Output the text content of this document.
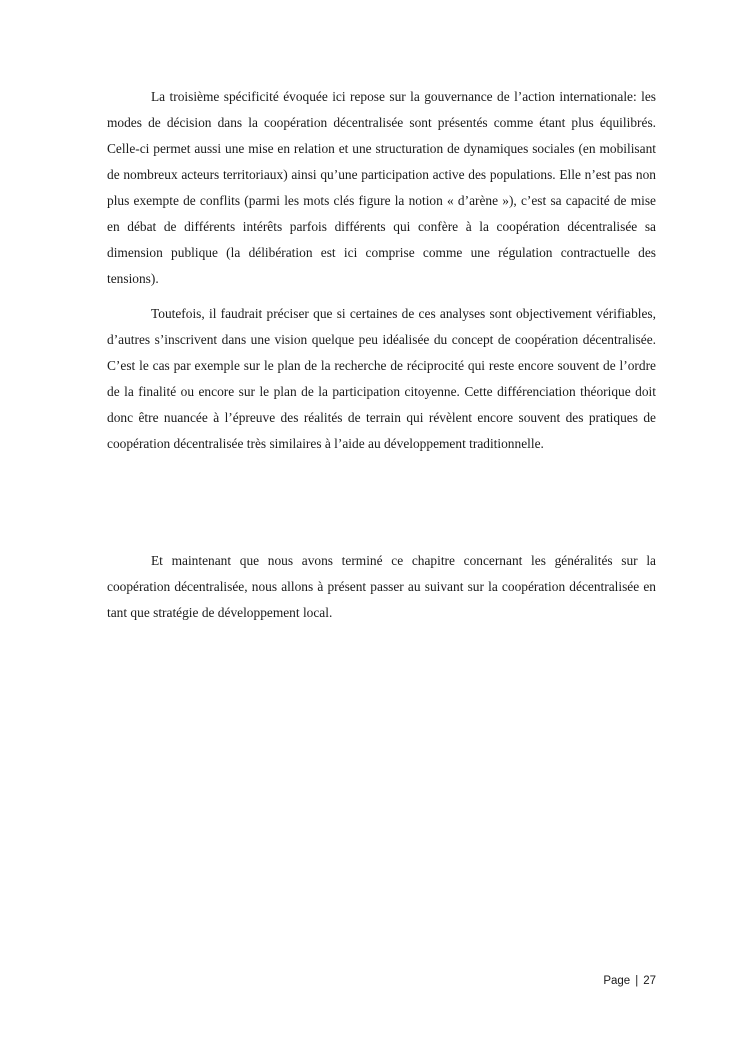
La troisième spécificité évoquée ici repose sur la gouvernance de l’action internationale: les modes de décision dans la coopération décentralisée sont présentés comme étant plus équilibrés. Celle-ci permet aussi une mise en relation et une structuration de dynamiques sociales (en mobilisant de nombreux acteurs territoriaux) ainsi qu’une participation active des populations. Elle n’est pas non plus exempte de conflits (parmi les mots clés figure la notion « d’arène »), c’est sa capacité de mise en débat de différents intérêts parfois différents qui confère à la coopération décentralisée sa dimension publique (la délibération est ici comprise comme une régulation contractuelle des tensions).

Toutefois, il faudrait préciser que si certaines de ces analyses sont objectivement vérifiables, d’autres s’inscrivent dans une vision quelque peu idéalisée du concept de coopération décentralisée. C’est le cas par exemple sur le plan de la recherche de réciprocité qui reste encore souvent de l’ordre de la finalité ou encore sur le plan de la participation citoyenne. Cette différenciation théorique doit donc être nuancée à l’épreuve des réalités de terrain qui révèlent encore souvent des pratiques de coopération décentralisée très similaires à l’aide au développement traditionnelle.

Et maintenant que nous avons terminé ce chapitre concernant les généralités sur la coopération décentralisée, nous allons à présent passer au suivant sur la coopération décentralisée en tant que stratégie de développement local.

Page | 27
